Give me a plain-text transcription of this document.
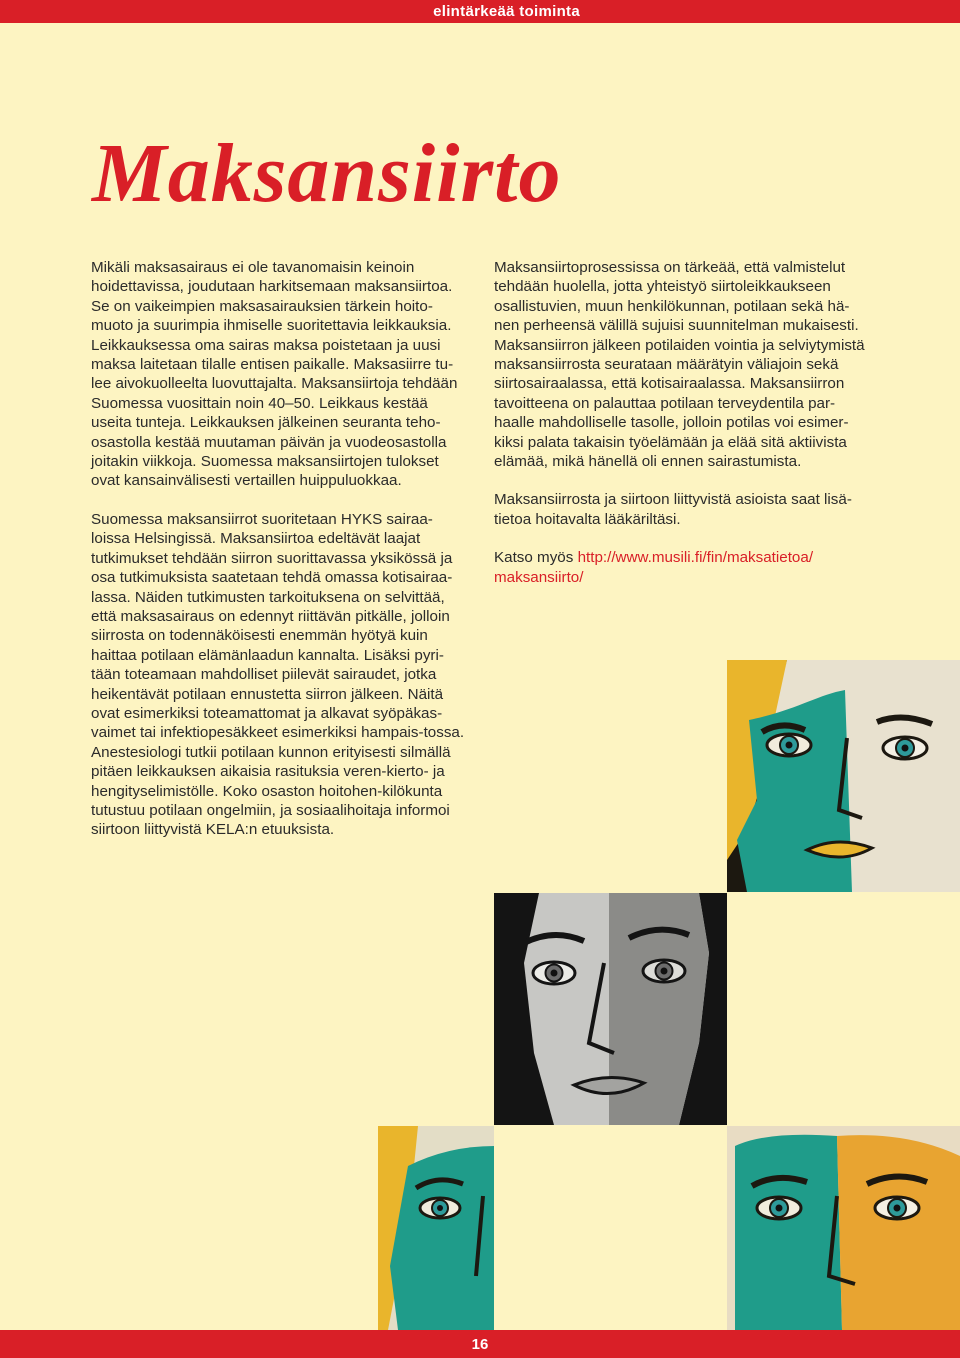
elintärkeää toiminta
Maksansiirto

Mikäli maksasairaus ei ole tavanomaisin keinoin hoidettavissa, joudutaan harkitsemaan maksansiirtoa. Se on vaikeimpien maksasairauksien tärkein hoito-muoto ja suurimpia ihmiselle suoritettavia leikkauksia. Leikkauksessa oma sairas maksa poistetaan ja uusi maksa laitetaan tilalle entisen paikalle. Maksasiirre tu-lee aivokuolleelta luovuttajalta. Maksansiirtoja tehdään Suomessa vuosittain noin 40–50. Leikkaus kestää useita tunteja. Leikkauksen jälkeinen seuranta teho-osastolla kestää muutaman päivän ja vuodeosastolla joitakin viikkoja. Suomessa maksansiirtojen tulokset ovat kansainvälisesti vertaillen huippuluokkaa.

Suomessa maksansiirrot suoritetaan HYKS sairaa-loissa Helsingissä. Maksansiirtoa edeltävät laajat tutkimukset tehdään siirron suorittavassa yksikössä ja osa tutkimuksista saatetaan tehdä omassa kotisairaa-lassa. Näiden tutkimusten tarkoituksena on selvittää, että maksasairaus on edennyt riittävän pitkälle, jolloin siirrosta on todennäköisesti enemmän hyötyä kuin haittaa potilaan elämänlaadun kannalta. Lisäksi pyri-tään toteamaan mahdolliset piilevät sairaudet, jotka heikentävät potilaan ennustetta siirron jälkeen. Näitä ovat esimerkiksi toteamattomat ja alkavat syöpäkas-vaimet tai infektiopesäkkeet esimerkiksi hampais-tossa. Anestesiologi tutkii potilaan kunnon erityisesti silmällä pitäen leikkauksen aikaisia rasituksia veren-kierto- ja hengityselimistölle. Koko osaston hoitohen-kilökunta tutustuu potilaan ongelmiin, ja sosiaalihoitaja informoi siirtoon liittyvistä KELA:n etuuksista.

Maksansiirtoprosessissa on tärkeää, että valmistelut tehdään huolella, jotta yhteistyö siirtoleikkaukseen osallistuvien, muun henkilökunnan, potilaan sekä hä-nen perheensä välillä sujuisi suunnitelman mukaisesti. Maksansiirron jälkeen potilaiden vointia ja selviytymistä maksansiirrosta seurataan määrätyin väliajoin sekä siirtosairaalassa, että kotisairaalassa. Maksansiirron tavoitteena on palauttaa potilaan terveydentila par-haalle mahdolliselle tasolle, jolloin potilas voi esimer-kiksi palata takaisin työelämään ja elää sitä aktiivista elämää, mikä hänellä oli ennen sairastumista.

Maksansiirrosta ja siirtoon liittyvistä asioista saat lisä-tietoa hoitavalta lääkäriltäsi.

Katso myös http://www.musili.fi/fin/maksatietoa/ maksansiirto/

16
